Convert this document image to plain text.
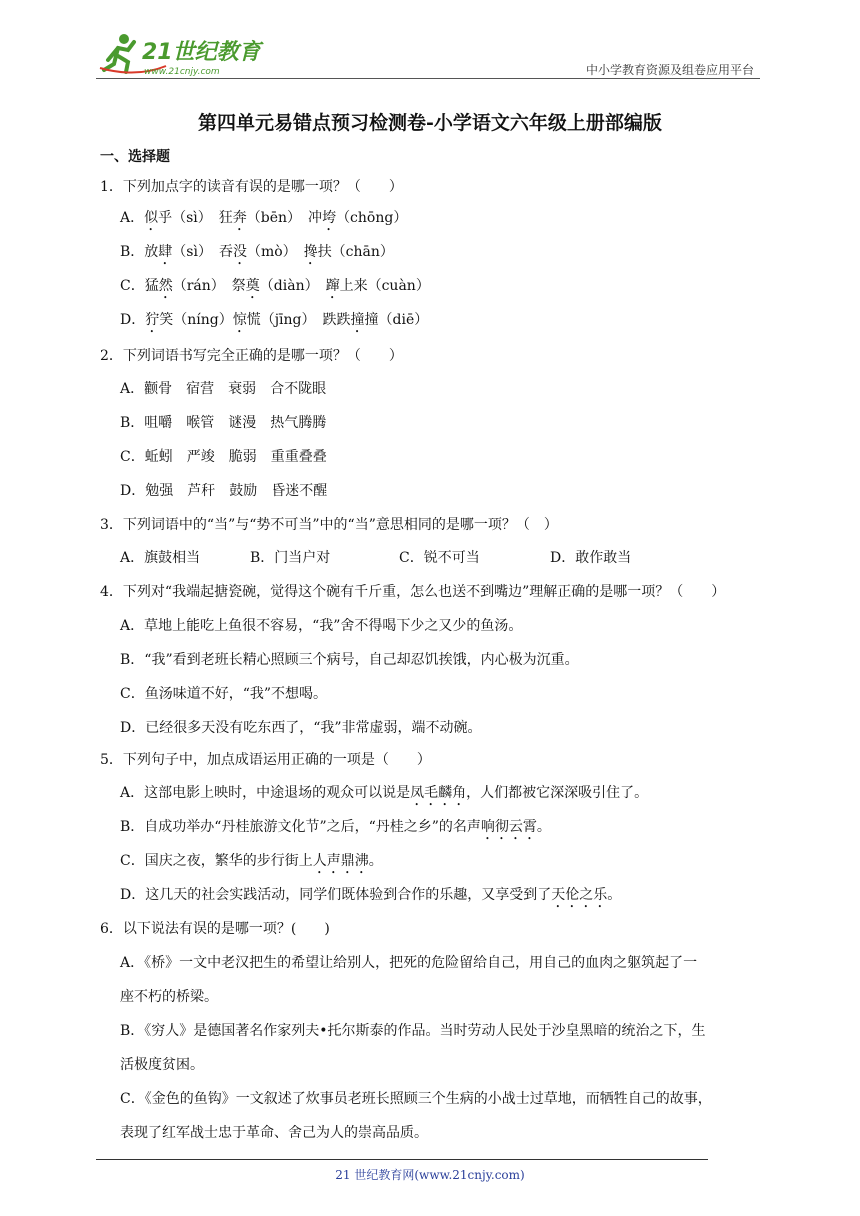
21世纪教育
www.21cnjy.com	中小学教育资源及组卷应用平台
第四单元易错点预习检测卷-小学语文六年级上册部编版
一、选择题
1．下列加点字的读音有误的是哪一项？（　　）
A．似乎（sì）　狂奔（bēn）　冲垮（chōng）
B．放肆（sì）　吞没（mò）　搀扶（chān）
C．猛然（rán）　祭奠（diàn）　蹿上来（cuàn）
D．狞笑（níng）惊慌（jīng）　跌跌撞撞（diē）
2．下列词语书写完全正确的是哪一项？（　　）
A．颧骨　宿营　衰弱　合不陇眼
B．咀嚼　喉管　谜漫　热气腾腾
C．蚯蚓　严竣　脆弱　重重叠叠
D．勉强　芦秆　鼓励　昏迷不醒
3．下列词语中的“当”与“势不可当”中的“当”意思相同的是哪一项？（　）
A．旗鼓相当	B．门当户对	C．锐不可当	D．敢作敢当
4．下列对“我端起搪瓷碗，觉得这个碗有千斤重，怎么也送不到嘴边”理解正确的是哪一项？（　　）
A．草地上能吃上鱼很不容易，“我”舍不得喝下少之又少的鱼汤。
B．“我”看到老班长精心照顾三个病号，自己却忍饥挨饿，内心极为沉重。
C．鱼汤味道不好，“我”不想喝。
D．已经很多天没有吃东西了，“我”非常虚弱，端不动碗。
5．下列句子中，加点成语运用正确的一项是（　　）
A．这部电影上映时，中途退场的观众可以说是凤毛麟角，人们都被它深深吸引住了。
B．自成功举办“丹桂旅游文化节”之后，“丹桂之乡”的名声响彻云霄。
C．国庆之夜，繁华的步行街上人声鼎沸。
D．这几天的社会实践活动，同学们既体验到合作的乐趣，又享受到了天伦之乐。
6．以下说法有误的是哪一项？(　　)
A．《桥》一文中老汉把生的希望让给别人，把死的危险留给自己，用自己的血肉之躯筑起了一
座不朽的桥梁。
B．《穷人》是德国著名作家列夫•托尔斯泰的作品。当时劳动人民处于沙皇黑暗的统治之下，生
活极度贫困。
C．《金色的鱼钩》一文叙述了炊事员老班长照顾三个生病的小战士过草地，而牺牲自己的故事，
表现了红军战士忠于革命、舍己为人的崇高品质。
21 世纪教育网(www.21cnjy.com)
